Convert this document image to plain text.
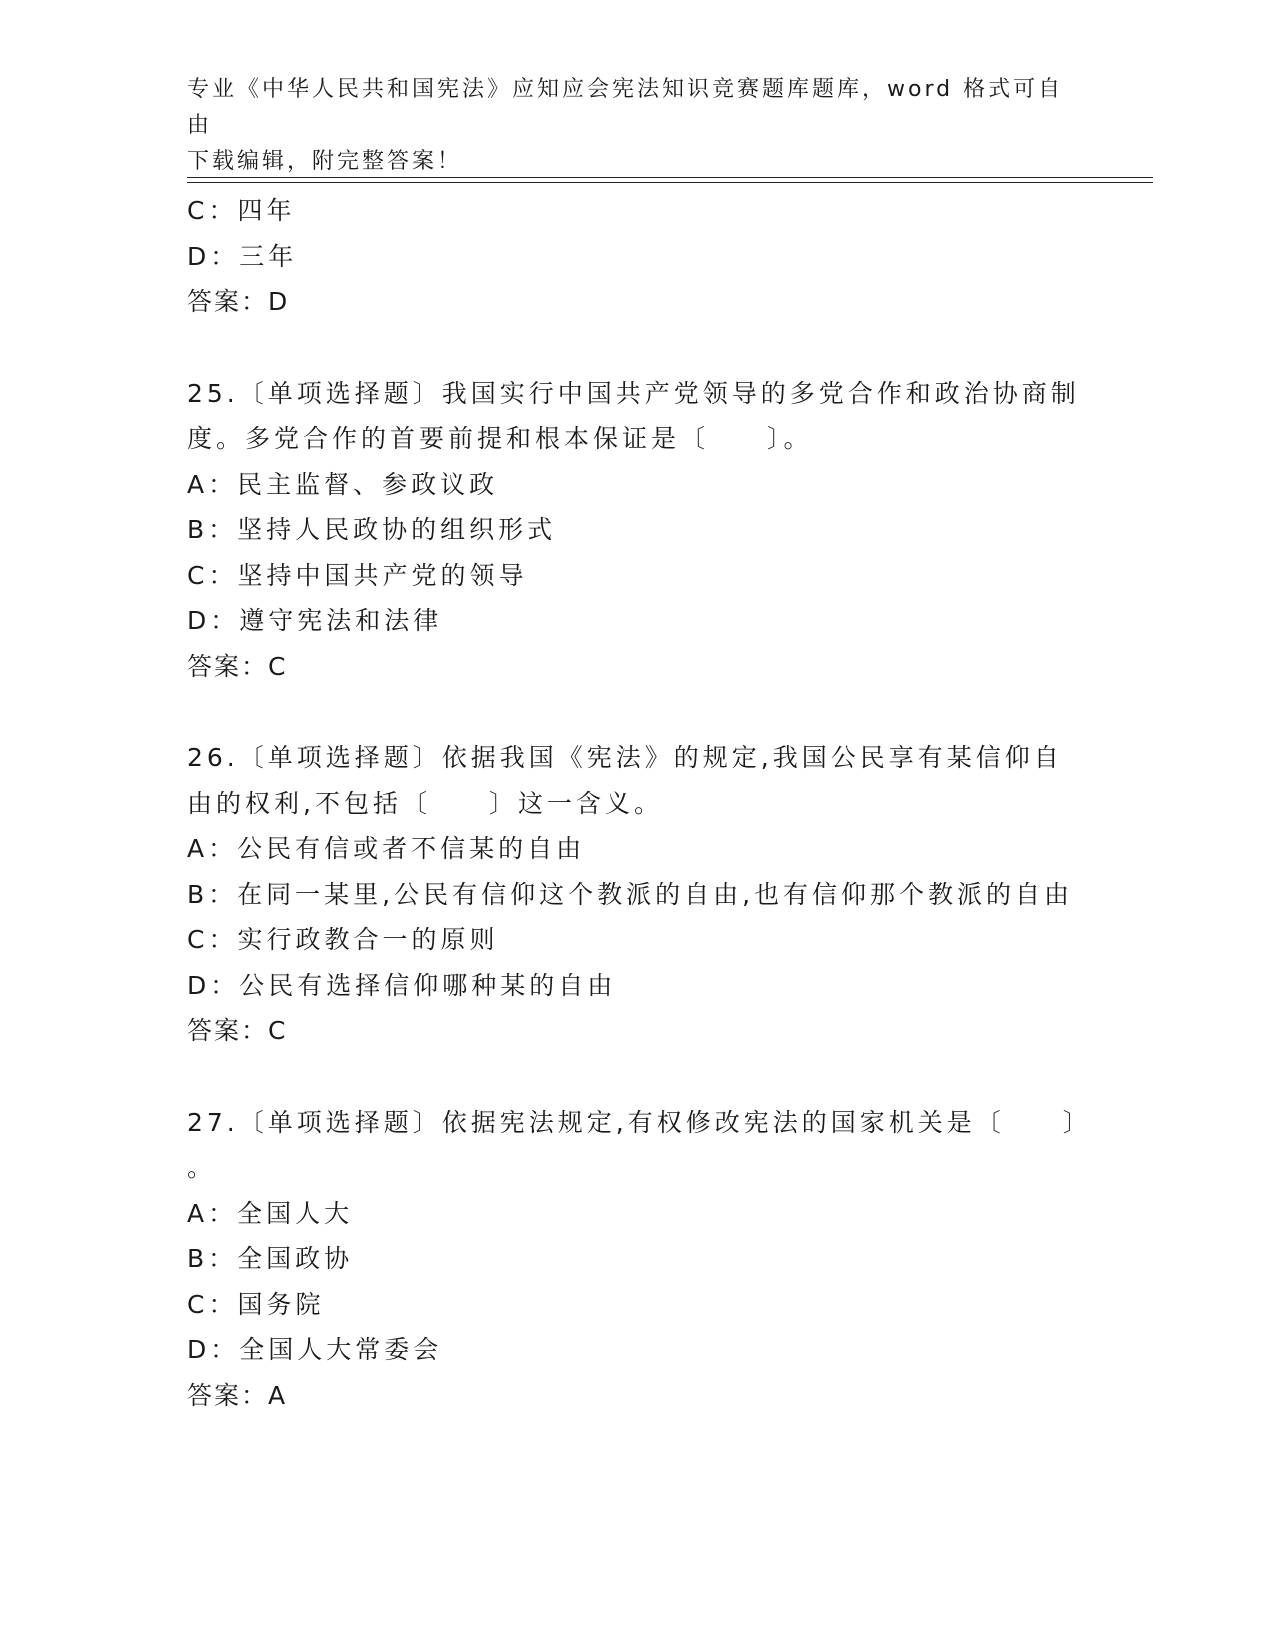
专业《中华人民共和国宪法》应知应会宪法知识竞赛题库题库，word 格式可自由
下载编辑，附完整答案！
C：四年
D：三年
答案：D
25.〔单项选择题〕我国实行中国共产党领导的多党合作和政治协商制
度。多党合作的首要前提和根本保证是〔　　〕。
A：民主监督、参政议政
B：坚持人民政协的组织形式
C：坚持中国共产党的领导
D：遵守宪法和法律
答案：C
26.〔单项选择题〕依据我国《宪法》的规定,我国公民享有某信仰自
由的权利,不包括〔　　〕这一含义。
A：公民有信或者不信某的自由
B：在同一某里,公民有信仰这个教派的自由,也有信仰那个教派的自由
C：实行政教合一的原则
D：公民有选择信仰哪种某的自由
答案：C
27.〔单项选择题〕依据宪法规定,有权修改宪法的国家机关是〔　　〕
。
A：全国人大
B：全国政协
C：国务院
D：全国人大常委会
答案：A
